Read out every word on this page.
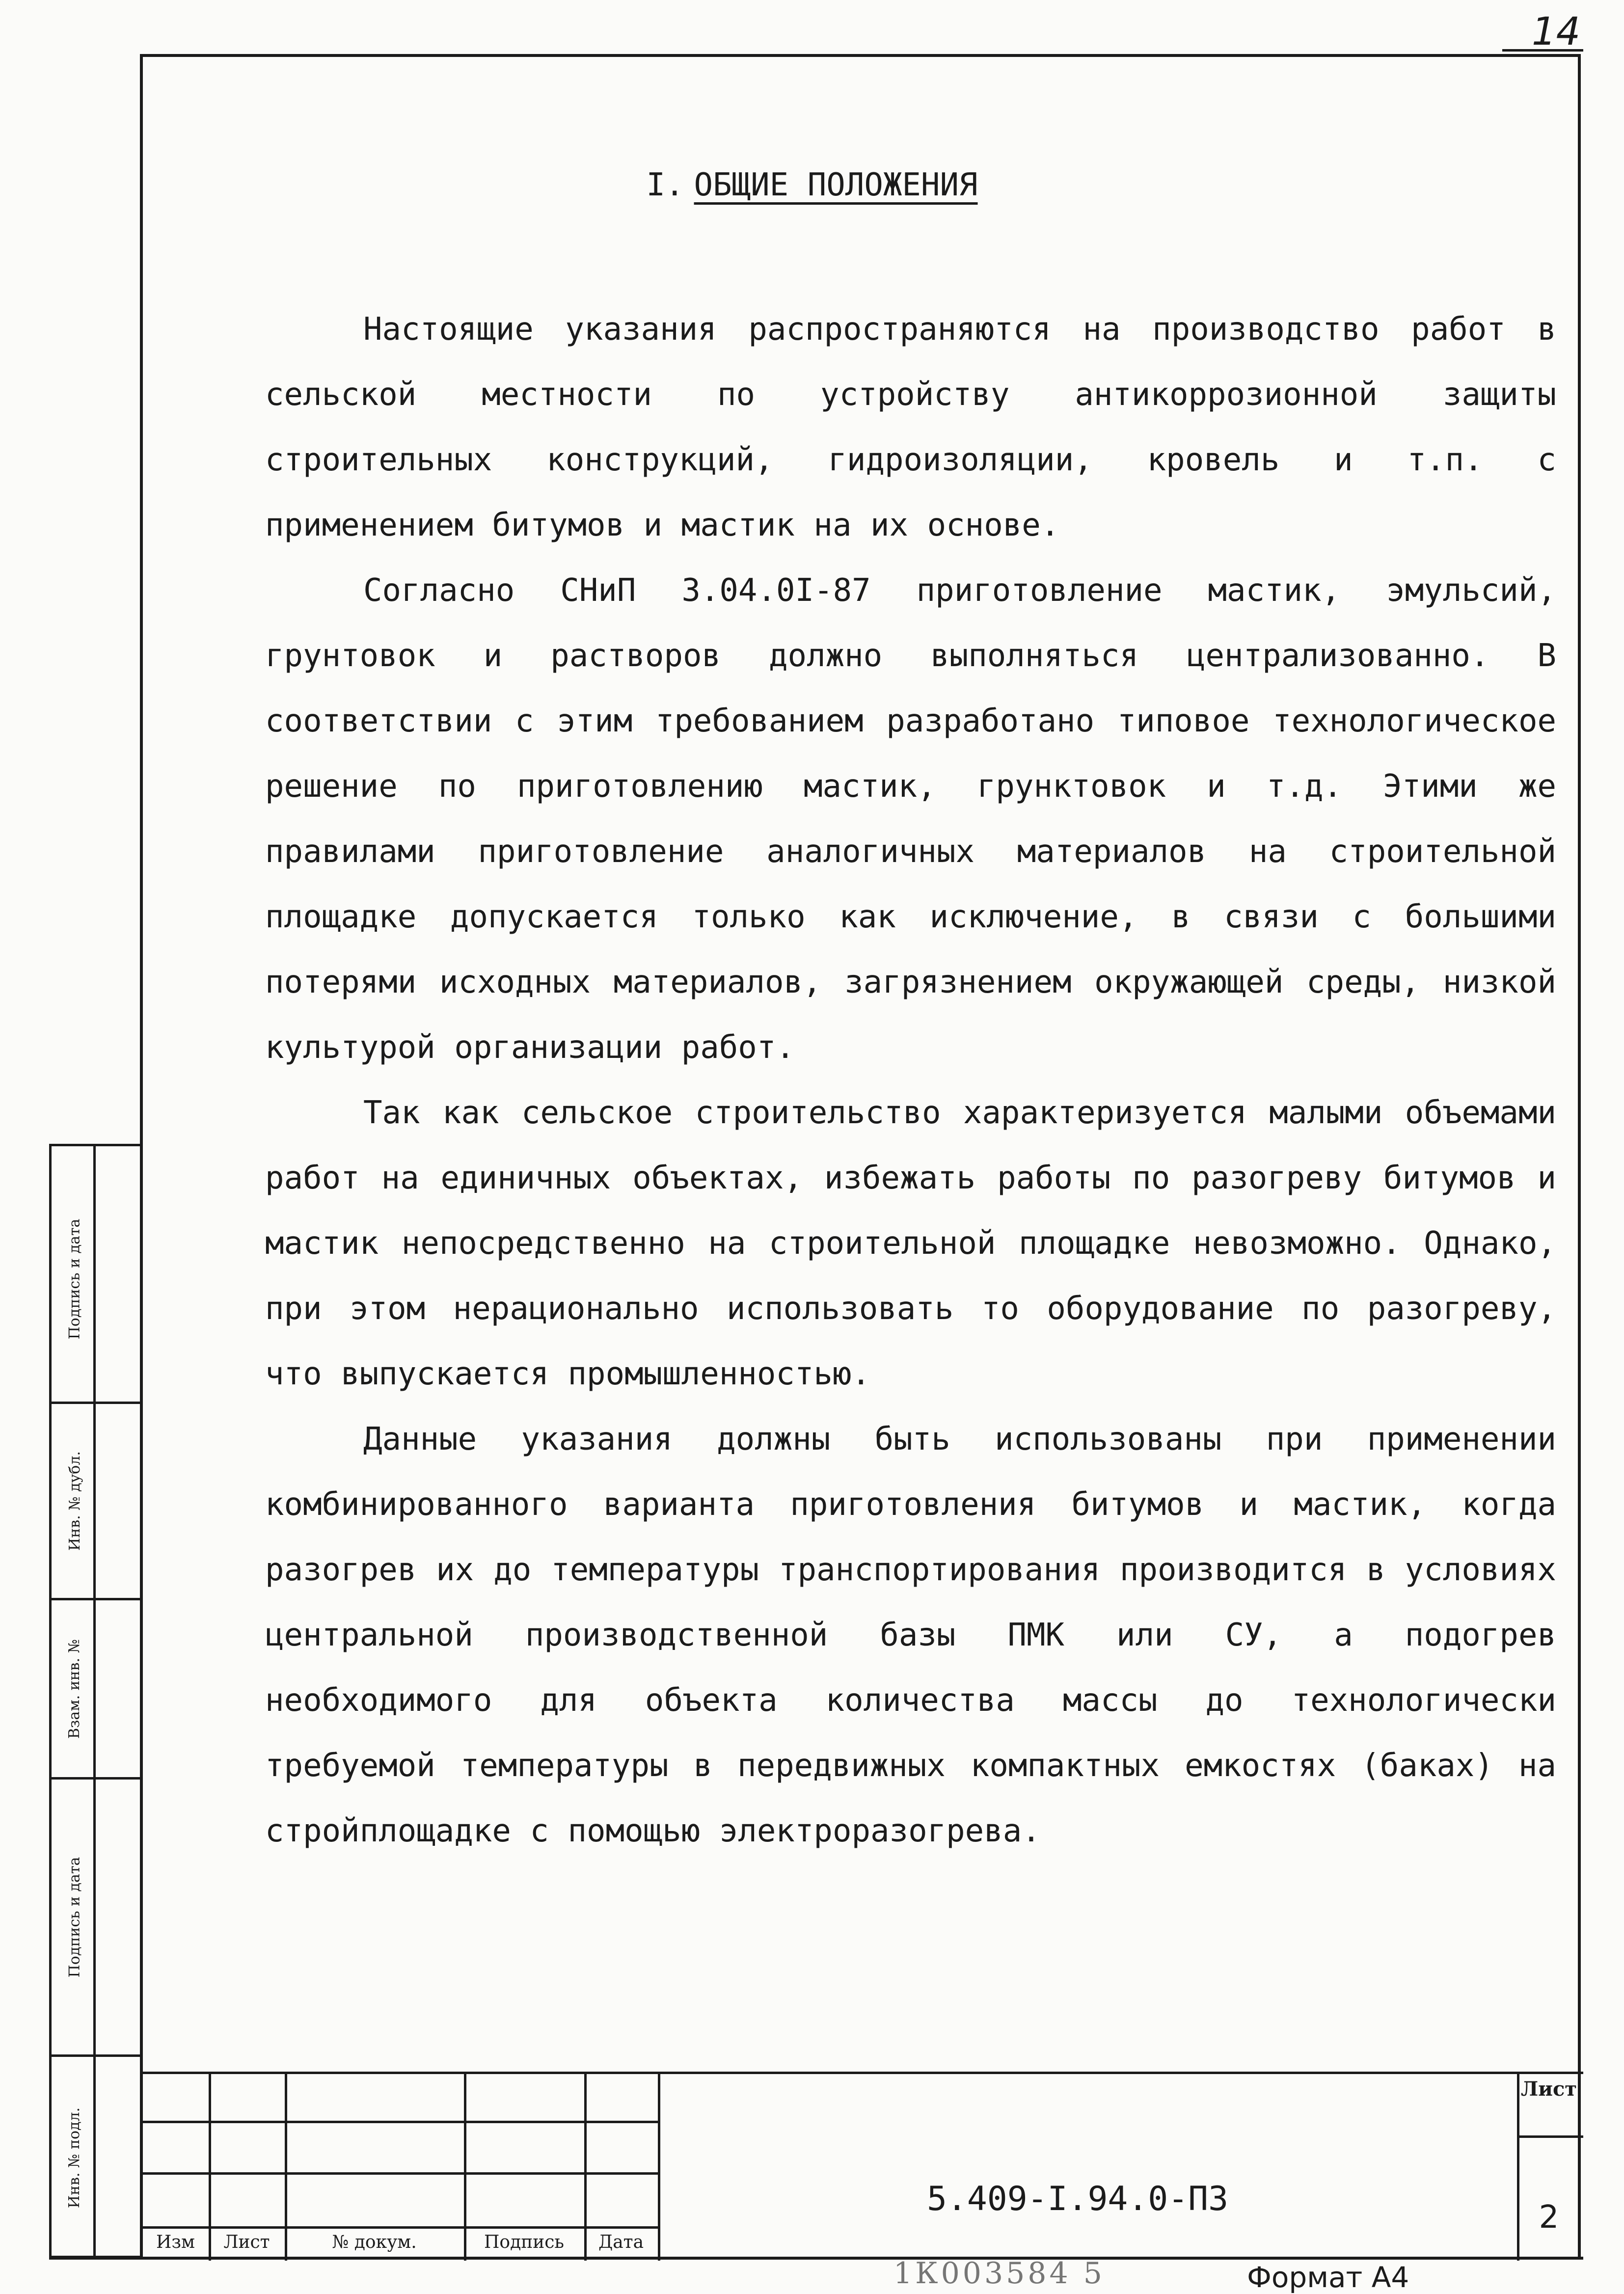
14
I. ОБЩИЕ ПОЛОЖЕНИЯ

Настоящие указания распространяются на производство работ в сельской местности по устройству антикоррозионной защиты строительных конструкций, гидроизоляции, кровель и т.п. с применением битумов и мастик на их основе.

Согласно СНиП 3.04.0I-87 приготовление мастик, эмульсий, грунтовок и растворов должно выполняться централизованно. В соответствии с этим требованием разработано типовое технологическое решение по приготовлению мастик, грунктовок и т.д. Этими же правилами приготовление аналогичных материалов на строительной площадке допускается только как исключение, в связи с большими потерями исходных материалов, загрязнением окружающей среды, низкой культурой организации работ.

Так как сельское строительство характеризуется малыми объемами работ на единичных объектах, избежать работы по разогреву битумов и мастик непосредственно на строительной площадке невозможно. Однако, при этом нерационально использовать то оборудование по разогреву, что выпускается промышленностью.

Данные указания должны быть использованы при применении комбинированного варианта приготовления битумов и мастик, когда разогрев их до температуры транспортирования производится в условиях центральной производственной базы ПМК или СУ, а подогрев необходимого для объекта количества массы до технологически требуемой температуры в передвижных компактных емкостях (баках) на стройплощадке с помощью электроразогрева.

Подпись и дата
Инв. № дубл.
Взам. инв. №
Подпись и дата
Инв. № подл.
Изм	Лист	№ докум.	Подпись	Дата
5.409-I.94.0-ПЗ
Лист
2
1К003584 5	Формат А4
